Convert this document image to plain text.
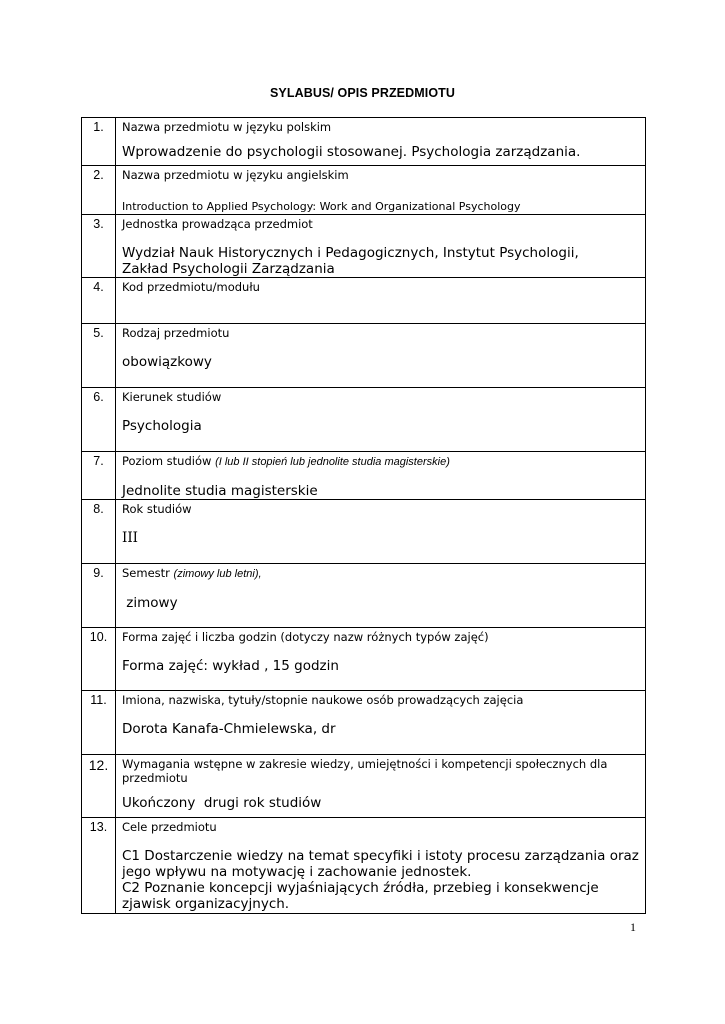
SYLABUS/ OPIS PRZEDMIOTU
1.	Nazwa przedmiotu w języku polskim
Wprowadzenie do psychologii stosowanej. Psychologia zarządzania.

2.	Nazwa przedmiotu w języku angielskim
Introduction to Applied Psychology: Work and Organizational Psychology

3.	Jednostka prowadząca przedmiot
Wydział Nauk Historycznych i Pedagogicznych, Instytut Psychologii,
Zakład Psychologii Zarządzania

4.	Kod przedmiotu/modułu

5.	Rodzaj przedmiotu
obowiązkowy

6.	Kierunek studiów
Psychologia

7.	Poziom studiów (I lub II stopień lub jednolite studia magisterskie)
Jednolite studia magisterskie

8.	Rok studiów
III

9.	Semestr (zimowy lub letni),
zimowy

10.	Forma zajęć i liczba godzin (dotyczy nazw różnych typów zajęć)
Forma zajęć: wykład , 15 godzin

11.	Imiona, nazwiska, tytuły/stopnie naukowe osób prowadzących zajęcia
Dorota Kanafa-Chmielewska, dr

12.	Wymagania wstępne w zakresie wiedzy, umiejętności i kompetencji społecznych dla przedmiotu
Ukończony  drugi rok studiów

13.	Cele przedmiotu
C1 Dostarczenie wiedzy na temat specyfiki i istoty procesu zarządzania oraz jego wpływu na motywację i zachowanie jednostek.
C2 Poznanie koncepcji wyjaśniających źródła, przebieg i konsekwencje zjawisk organizacyjnych.
1
